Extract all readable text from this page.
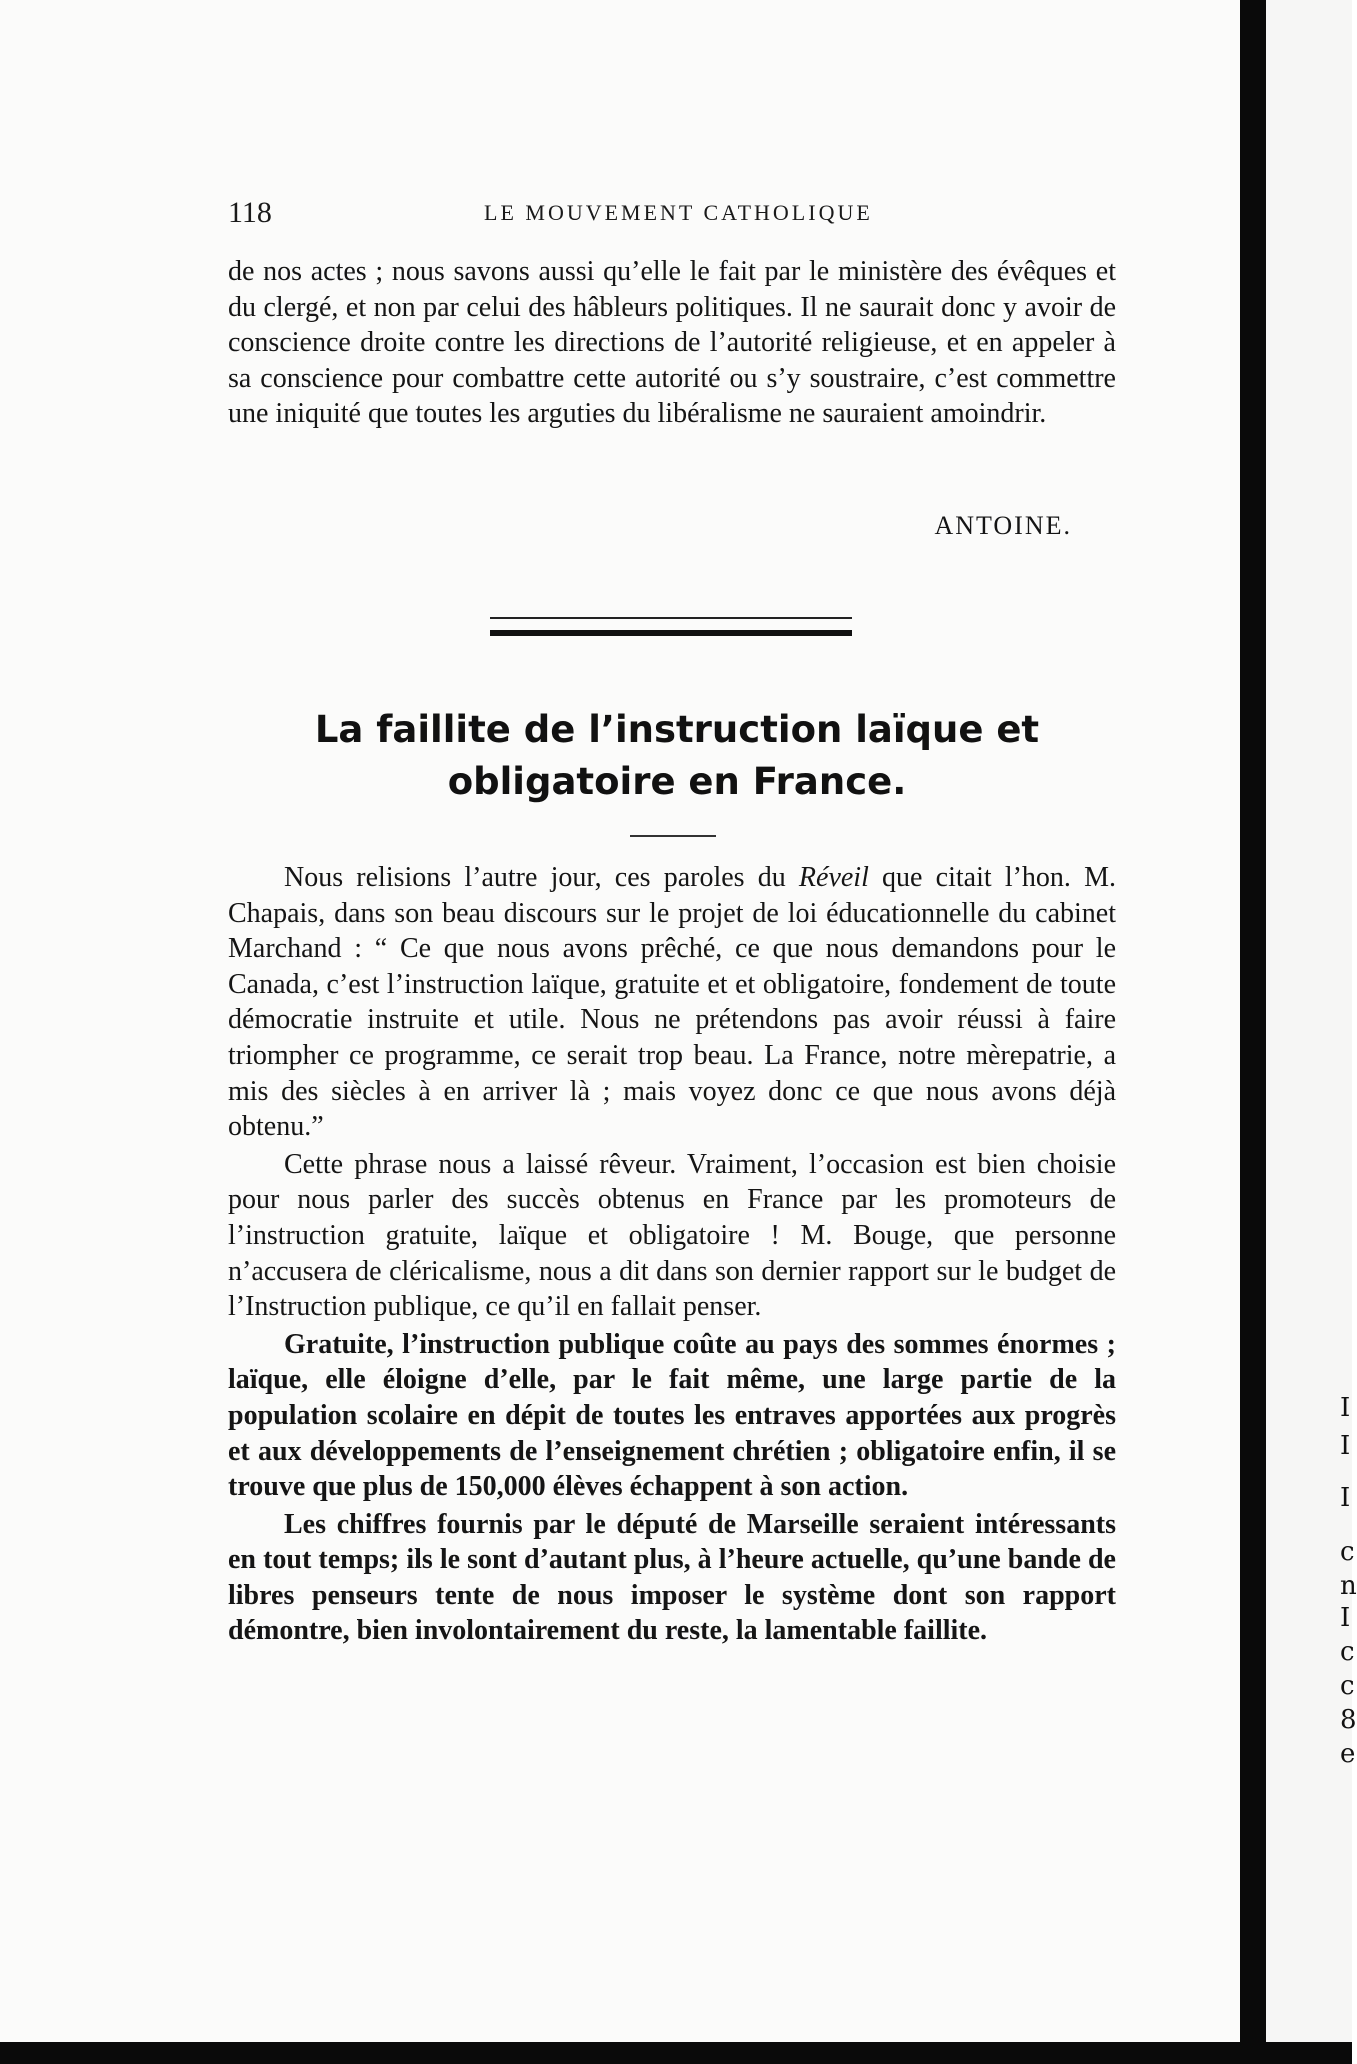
I
I
I
c
n
I
c
c
8
e
118	LE MOUVEMENT CATHOLIQUE

de nos actes ; nous savons aussi qu’elle le fait par le ministère des évêques et du clergé, et non par celui des hâbleurs politiques. Il ne saurait donc y avoir de conscience droite contre les directions de l’autorité religieuse, et en appeler à sa conscience pour combattre cette autorité ou s’y soustraire, c’est commettre une iniquité que toutes les arguties du libéralisme ne sauraient amoindrir.

ANTOINE.
La faillite de l’instruction laïque et obligatoire en France.

Nous relisions l’autre jour, ces paroles du Réveil que citait l’hon. M. Chapais, dans son beau discours sur le projet de loi éducationnelle du cabinet Marchand : “ Ce que nous avons prêché, ce que nous demandons pour le Canada, c’est l’instruction laïque, gratuite et et obligatoire, fondement de toute démocratie instruite et utile. Nous ne prétendons pas avoir réussi à faire triompher ce programme, ce serait trop beau. La France, notre mèrepatrie, a mis des siècles à en arriver là ; mais voyez donc ce que nous avons déjà obtenu.”

Cette phrase nous a laissé rêveur. Vraiment, l’occasion est bien choisie pour nous parler des succès obtenus en France par les promoteurs de l’instruction gratuite, laïque et obligatoire ! M. Bouge, que personne n’accusera de cléricalisme, nous a dit dans son dernier rapport sur le budget de l’Instruction publique, ce qu’il en fallait penser.

Gratuite, l’instruction publique coûte au pays des sommes énormes ; laïque, elle éloigne d’elle, par le fait même, une large partie de la population scolaire en dépit de toutes les entraves apportées aux progrès et aux développements de l’enseignement chrétien ; obligatoire enfin, il se trouve que plus de 150,000 élèves échappent à son action.

Les chiffres fournis par le député de Marseille seraient intéressants en tout temps; ils le sont d’autant plus, à l’heure actuelle, qu’une bande de libres penseurs tente de nous imposer le système dont son rapport démontre, bien involontairement du reste, la lamentable faillite.
